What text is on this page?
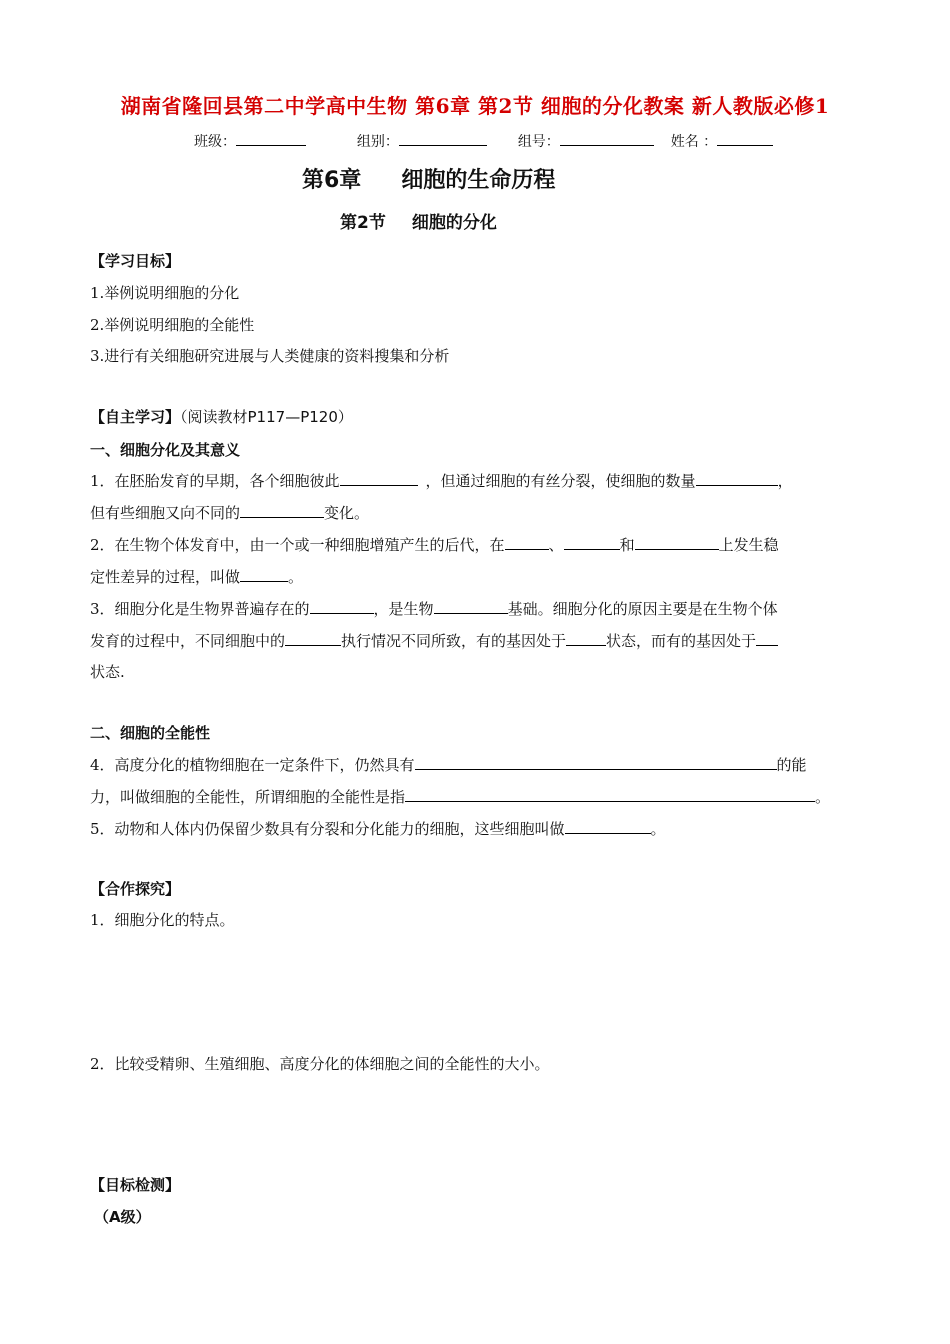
湖南省隆回县第二中学高中生物 第6章 第2节 细胞的分化教案 新人教版必修1
班级：	组别：	组号：	姓名 ：
第6章 细胞的生命历程
第2节 细胞的分化
【学习目标】
1.举例说明细胞的分化
2.举例说明细胞的全能性
3.进行有关细胞研究进展与人类健康的资料搜集和分析
【自主学习】（阅读教材P117—P120）
一、细胞分化及其意义
1．在胚胎发育的早期，各个细胞彼此	，但通过细胞的有丝分裂，使细胞的数量	，
但有些细胞又向不同的	变化。
2．在生物个体发育中，由一个或一种细胞增殖产生的后代，在	、	和	上发生稳
定性差异的过程，叫做	。
3．细胞分化是生物界普遍存在的	，是生物	基础。细胞分化的原因主要是在生物个体
发育的过程中，不同细胞中的	执行情况不同所致，有的基因处于	状态，而有的基因处于
状态.
二、细胞的全能性
4．高度分化的植物细胞在一定条件下，仍然具有	的能
力，叫做细胞的全能性，所谓细胞的全能性是指	。
5．动物和人体内仍保留少数具有分裂和分化能力的细胞，这些细胞叫做	。
【合作探究】
1．细胞分化的特点。
2．比较受精卵、生殖细胞、高度分化的体细胞之间的全能性的大小。
【目标检测】
（A级）
